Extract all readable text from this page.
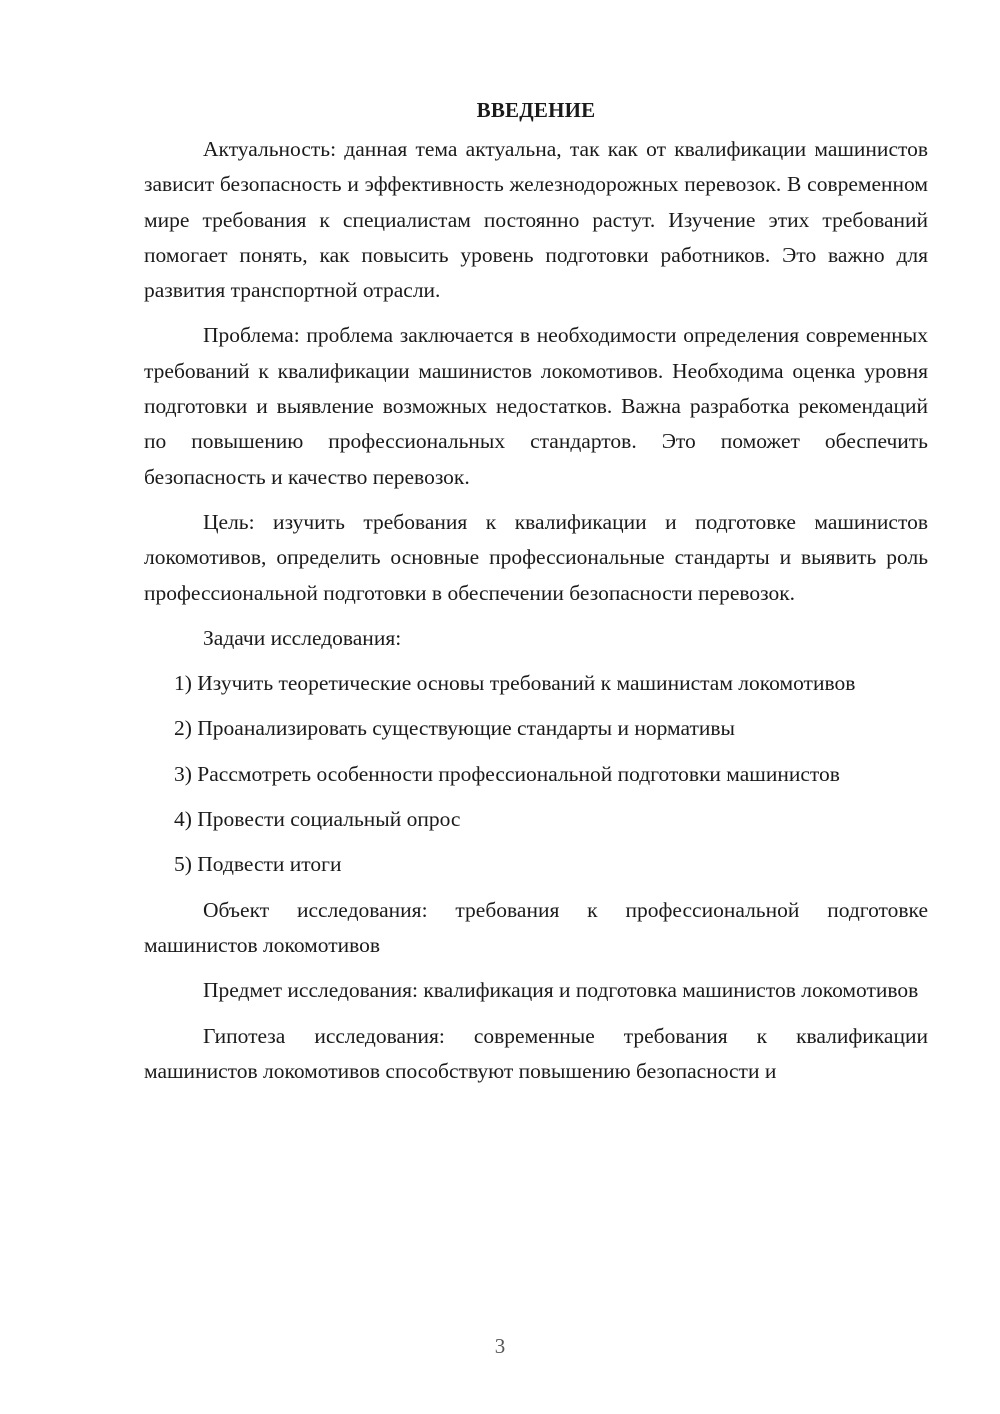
ВВЕДЕНИЕ

Актуальность: данная тема актуальна, так как от квалификации машинистов зависит безопасность и эффективность железнодорожных перевозок. В современном мире требования к специалистам постоянно растут. Изучение этих требований помогает понять, как повысить уровень подготовки работников. Это важно для развития транспортной отрасли.

Проблема: проблема заключается в необходимости определения современных требований к квалификации машинистов локомотивов. Необходима оценка уровня подготовки и выявление возможных недостатков. Важна разработка рекомендаций по повышению профессиональных стандартов. Это поможет обеспечить безопасность и качество перевозок.

Цель: изучить требования к квалификации и подготовке машинистов локомотивов, определить основные профессиональные стандарты и выявить роль профессиональной подготовки в обеспечении безопасности перевозок.

Задачи исследования:

1) Изучить теоретические основы требований к машинистам локомотивов

2) Проанализировать существующие стандарты и нормативы

3) Рассмотреть особенности профессиональной подготовки машинистов

4) Провести социальный опрос

5) Подвести итоги

Объект исследования: требования к профессиональной подготовке машинистов локомотивов

Предмет исследования: квалификация и подготовка машинистов локомотивов

Гипотеза исследования: современные требования к квалификации машинистов локомотивов способствуют повышению безопасности и

3
